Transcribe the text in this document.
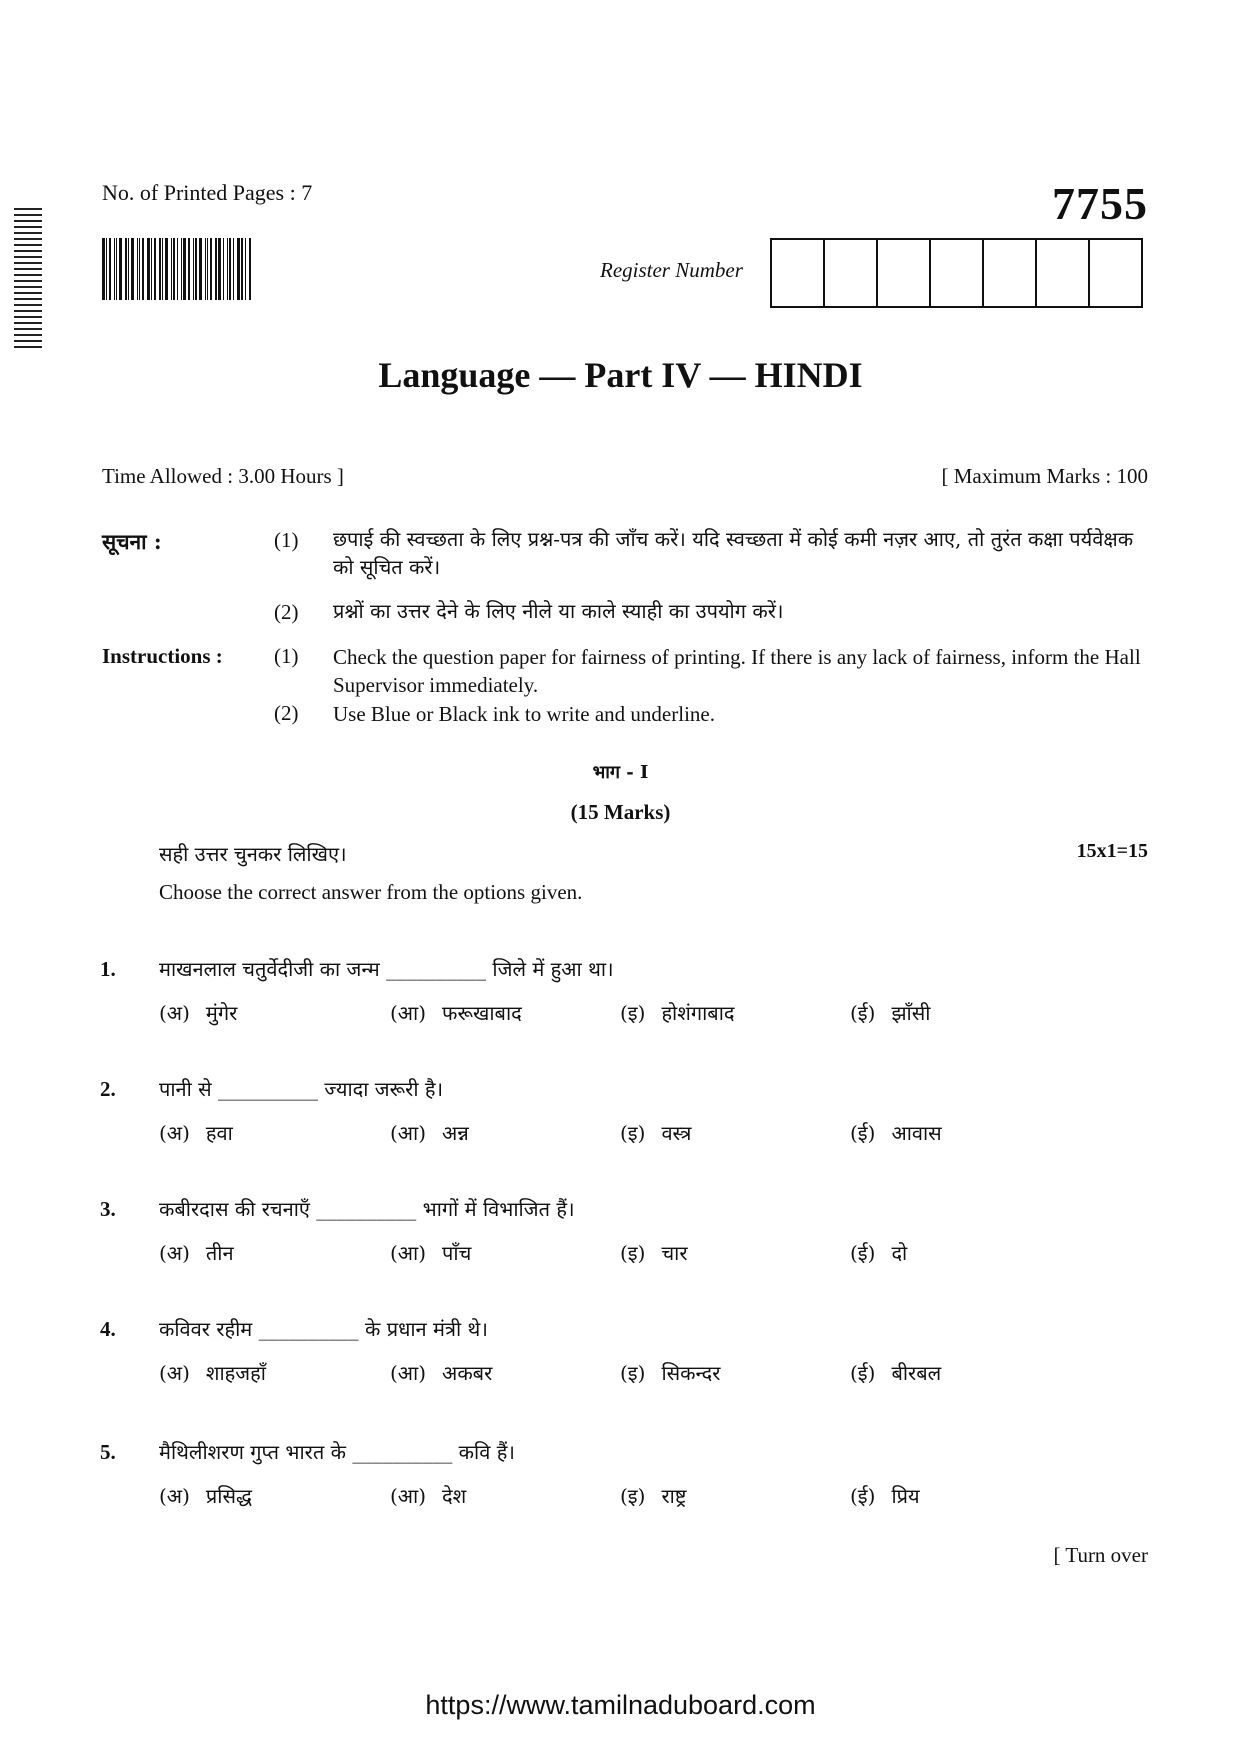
No. of Printed Pages : 7	7755
Register Number
Language — Part IV — HINDI
Time Allowed : 3.00 Hours ]	[ Maximum Marks : 100
सूचना :	(1) छपाई की स्वच्छता के लिए प्रश्न-पत्र की जाँच करें। यदि स्वच्छता में कोई कमी नज़र आए, तो तुरंत कक्षा पर्यवेक्षक को सूचित करें।
(2) प्रश्नों का उत्तर देने के लिए नीले या काले स्याही का उपयोग करें।
Instructions : (1) Check the question paper for fairness of printing. If there is any lack of fairness, inform the Hall Supervisor immediately.
(2) Use Blue or Black ink to write and underline.
भाग - I
(15 Marks)
सही उत्तर चुनकर लिखिए।	15x1=15
Choose the correct answer from the options given.
1. माखनलाल चतुर्वेदीजी का जन्म __________ जिले में हुआ था।
(अ) मुंगेर	(आ) फरूखाबाद	(इ) होशंगाबाद	(ई) झाँसी
2. पानी से __________ ज्यादा जरूरी है।
(अ) हवा	(आ) अन्न	(इ) वस्त्र	(ई) आवास
3. कबीरदास की रचनाएँ __________ भागों में विभाजित हैं।
(अ) तीन	(आ) पाँच	(इ) चार	(ई) दो
4. कविवर रहीम __________ के प्रधान मंत्री थे।
(अ) शाहजहाँ	(आ) अकबर	(इ) सिकन्दर	(ई) बीरबल
5. मैथिलीशरण गुप्त भारत के __________ कवि हैं।
(अ) प्रसिद्ध	(आ) देश	(इ) राष्ट्र	(ई) प्रिय
[ Turn over
https://www.tamilnaduboard.com
